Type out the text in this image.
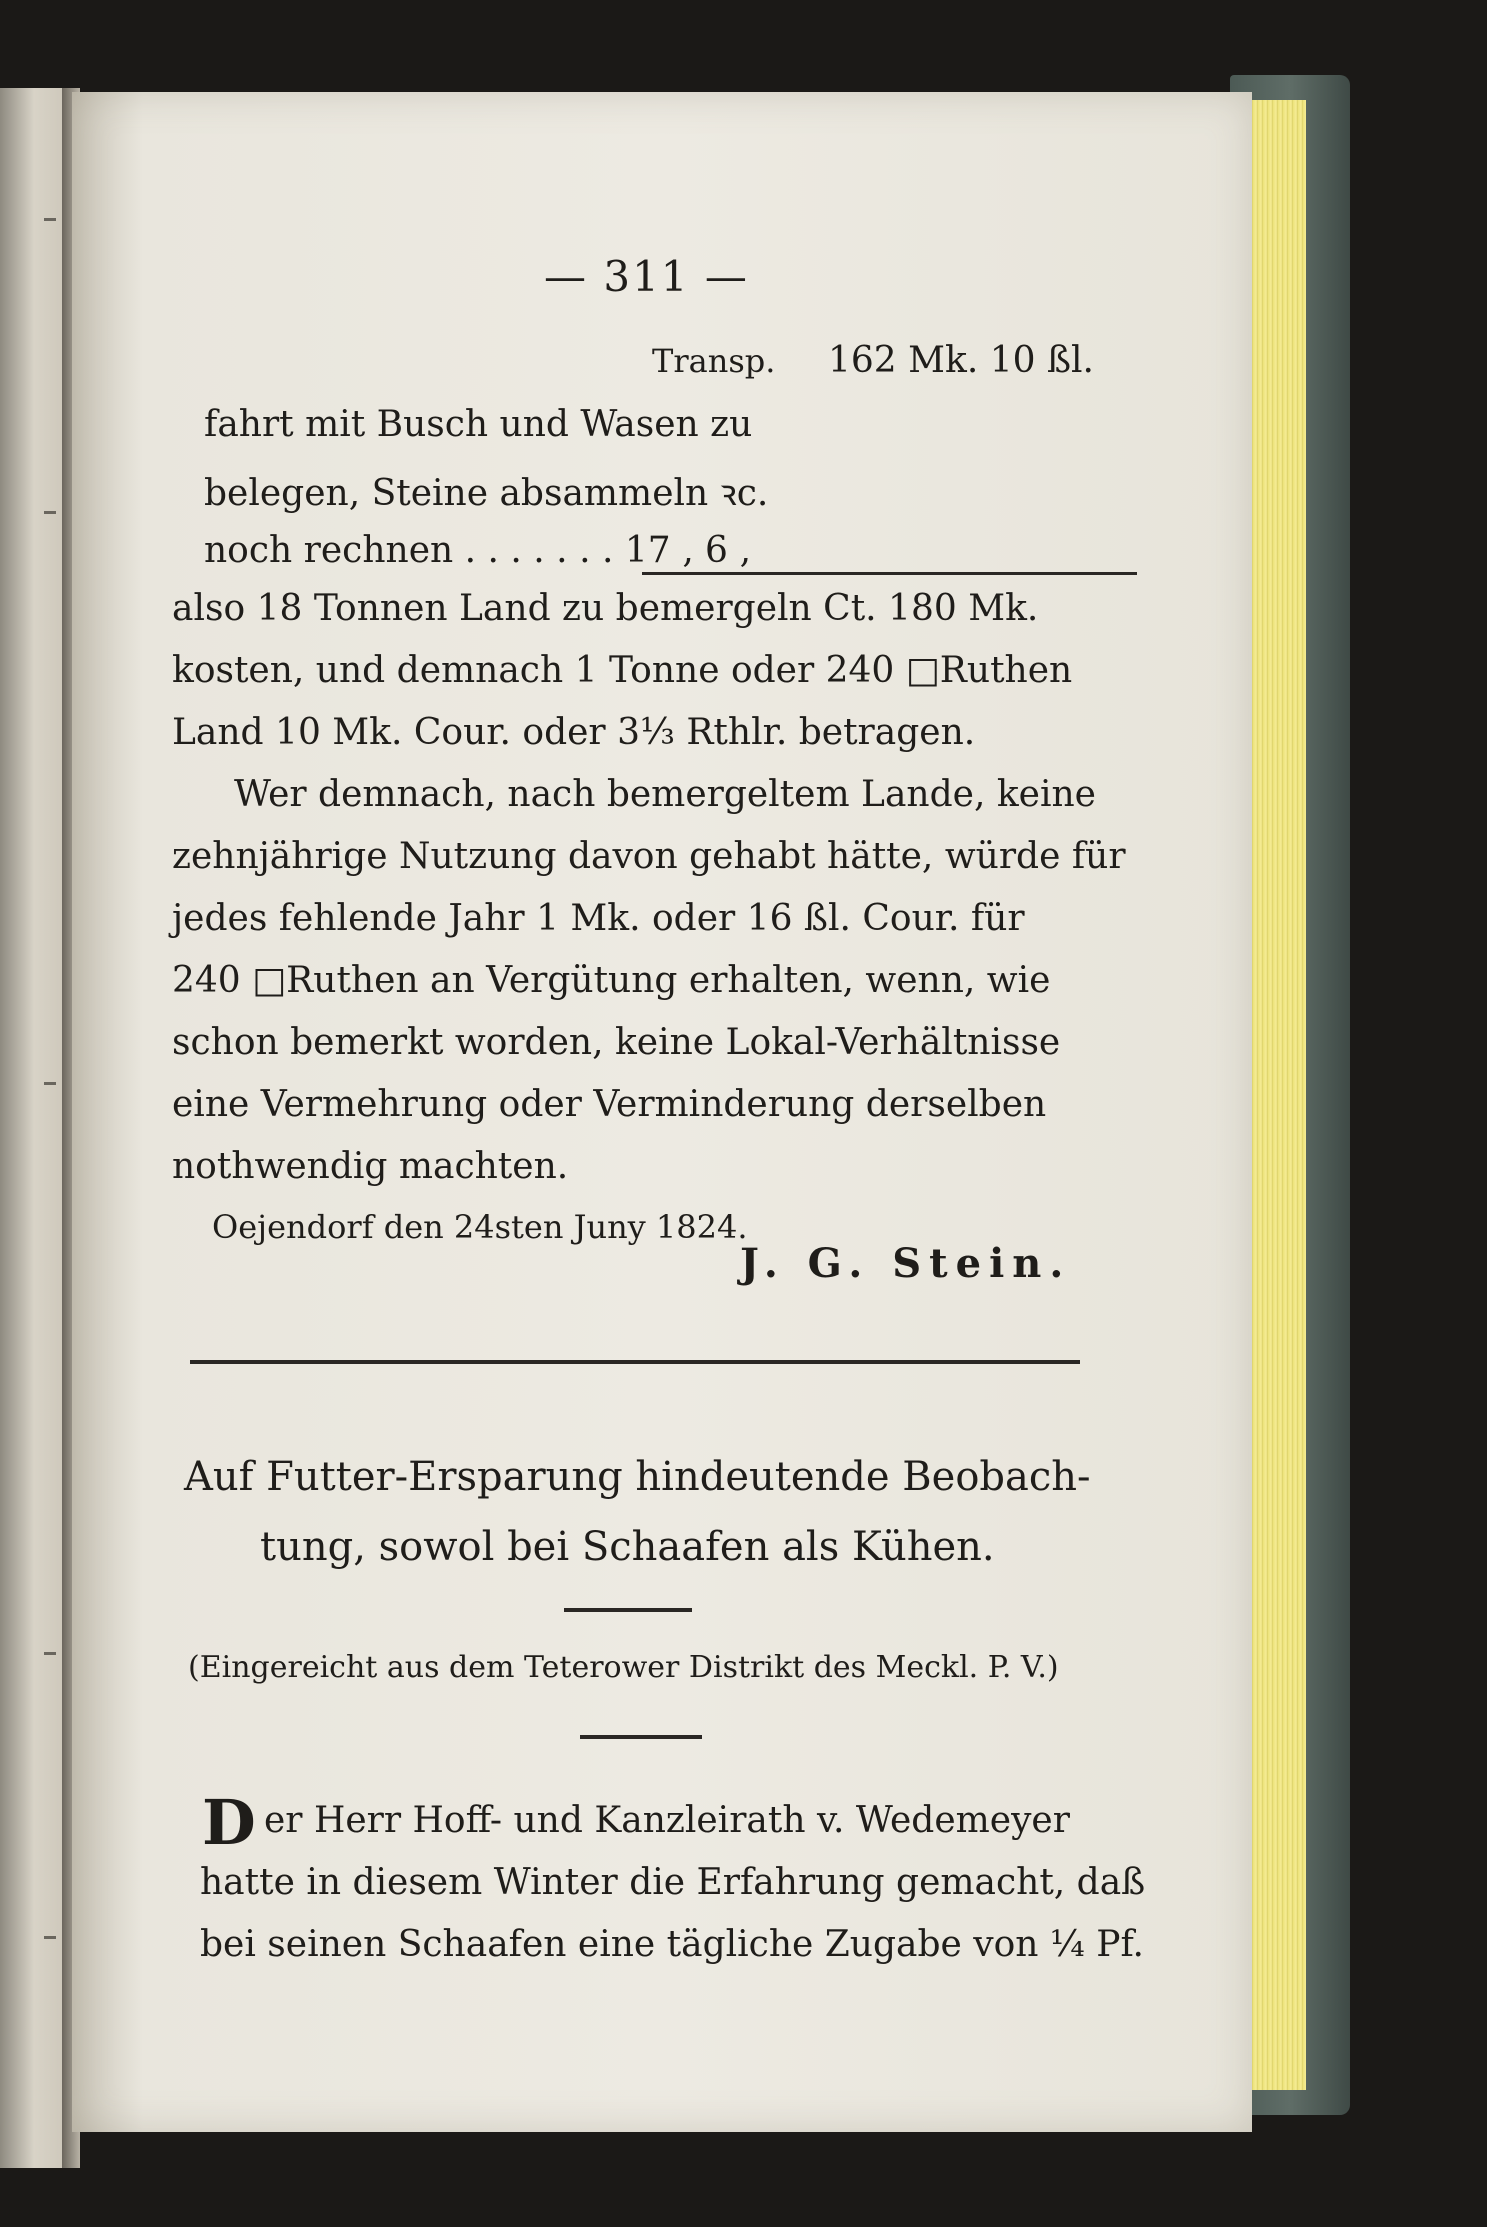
— 311 —
Transp. 162 Mk. 10 ßl.
fahrt mit Busch und Wasen zu
belegen, Steine absammeln ꝛc.
noch rechnen . . . . . . . 17 ‚ 6 ‚
also 18 Tonnen Land zu bemergeln Ct. 180 Mk.
kosten, und demnach 1 Tonne oder 240 □Ruthen
Land 10 Mk. Cour. oder 3⅓ Rthlr. betragen.
Wer demnach, nach bemergeltem Lande, keine
zehnjährige Nutzung davon gehabt hätte, würde für
jedes fehlende Jahr 1 Mk. oder 16 ßl. Cour. für
240 □Ruthen an Vergütung erhalten, wenn, wie
schon bemerkt worden, keine Lokal-Verhältnisse
eine Vermehrung oder Verminderung derselben
nothwendig machten.
Oejendorf den 24sten Juny 1824.
J. G. Stein.
Auf Futter-Ersparung hindeutende Beobach-
tung, sowol bei Schaafen als Kühen.
(Eingereicht aus dem Teterower Distrikt des Meckl. P. V.)
D er Herr Hoff- und Kanzleirath v. Wedemeyer
hatte in diesem Winter die Erfahrung gemacht, daß
bei seinen Schaafen eine tägliche Zugabe von ¼ Pf.
